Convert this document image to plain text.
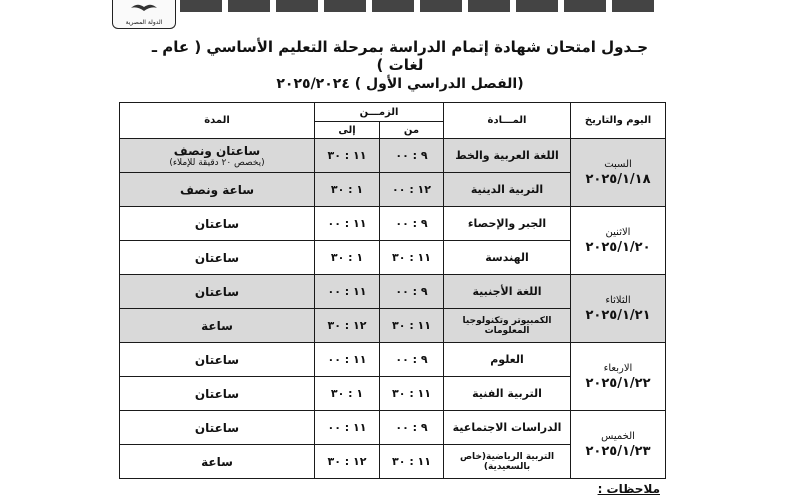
الدولة المصرية
جـدول امتحان شهادة إتمام الدراسة بمرحلة التعليم الأساسي ( عام ـ لغات )
(الفصل الدراسي الأول ) ٢٠٢٥/٢٠٢٤
اليوم والتاريخ	المـــادة	الزمـــن		المدة
		من	إلى	

السبت
٢٠٢٥/١/١٨	اللغة العربية والخط	٩ : ٠٠	١١ : ٣٠	ساعتان ونصف
(يخصص ٢٠ دقيقة للإملاء)

	التربية الدينية	١٢ : ٠٠	١ : ٣٠	ساعة ونصف

الاثنين
٢٠٢٥/١/٢٠	الجبر والإحصاء	٩ : ٠٠	١١ : ٠٠	ساعتان

	الهندسة	١١ : ٣٠	١ : ٣٠	ساعتان

الثلاثاء
٢٠٢٥/١/٢١	اللغة الأجنبية	٩ : ٠٠	١١ : ٠٠	ساعتان

	الكمبيوتر وتكنولوجيا المعلومات	١١ : ٣٠	١٢ : ٣٠	ساعة

الاربعاء
٢٠٢٥/١/٢٢	العلوم	٩ : ٠٠	١١ : ٠٠	ساعتان

	التربية الفنية	١١ : ٣٠	١ : ٣٠	ساعتان

الخميس
٢٠٢٥/١/٢٣	الدراسات الاجتماعية	٩ : ٠٠	١١ : ٠٠	ساعتان

	التربية الرياضية(خاص بالسعيدية)	١١ : ٣٠	١٢ : ٣٠	ساعة
ملاحظات :
